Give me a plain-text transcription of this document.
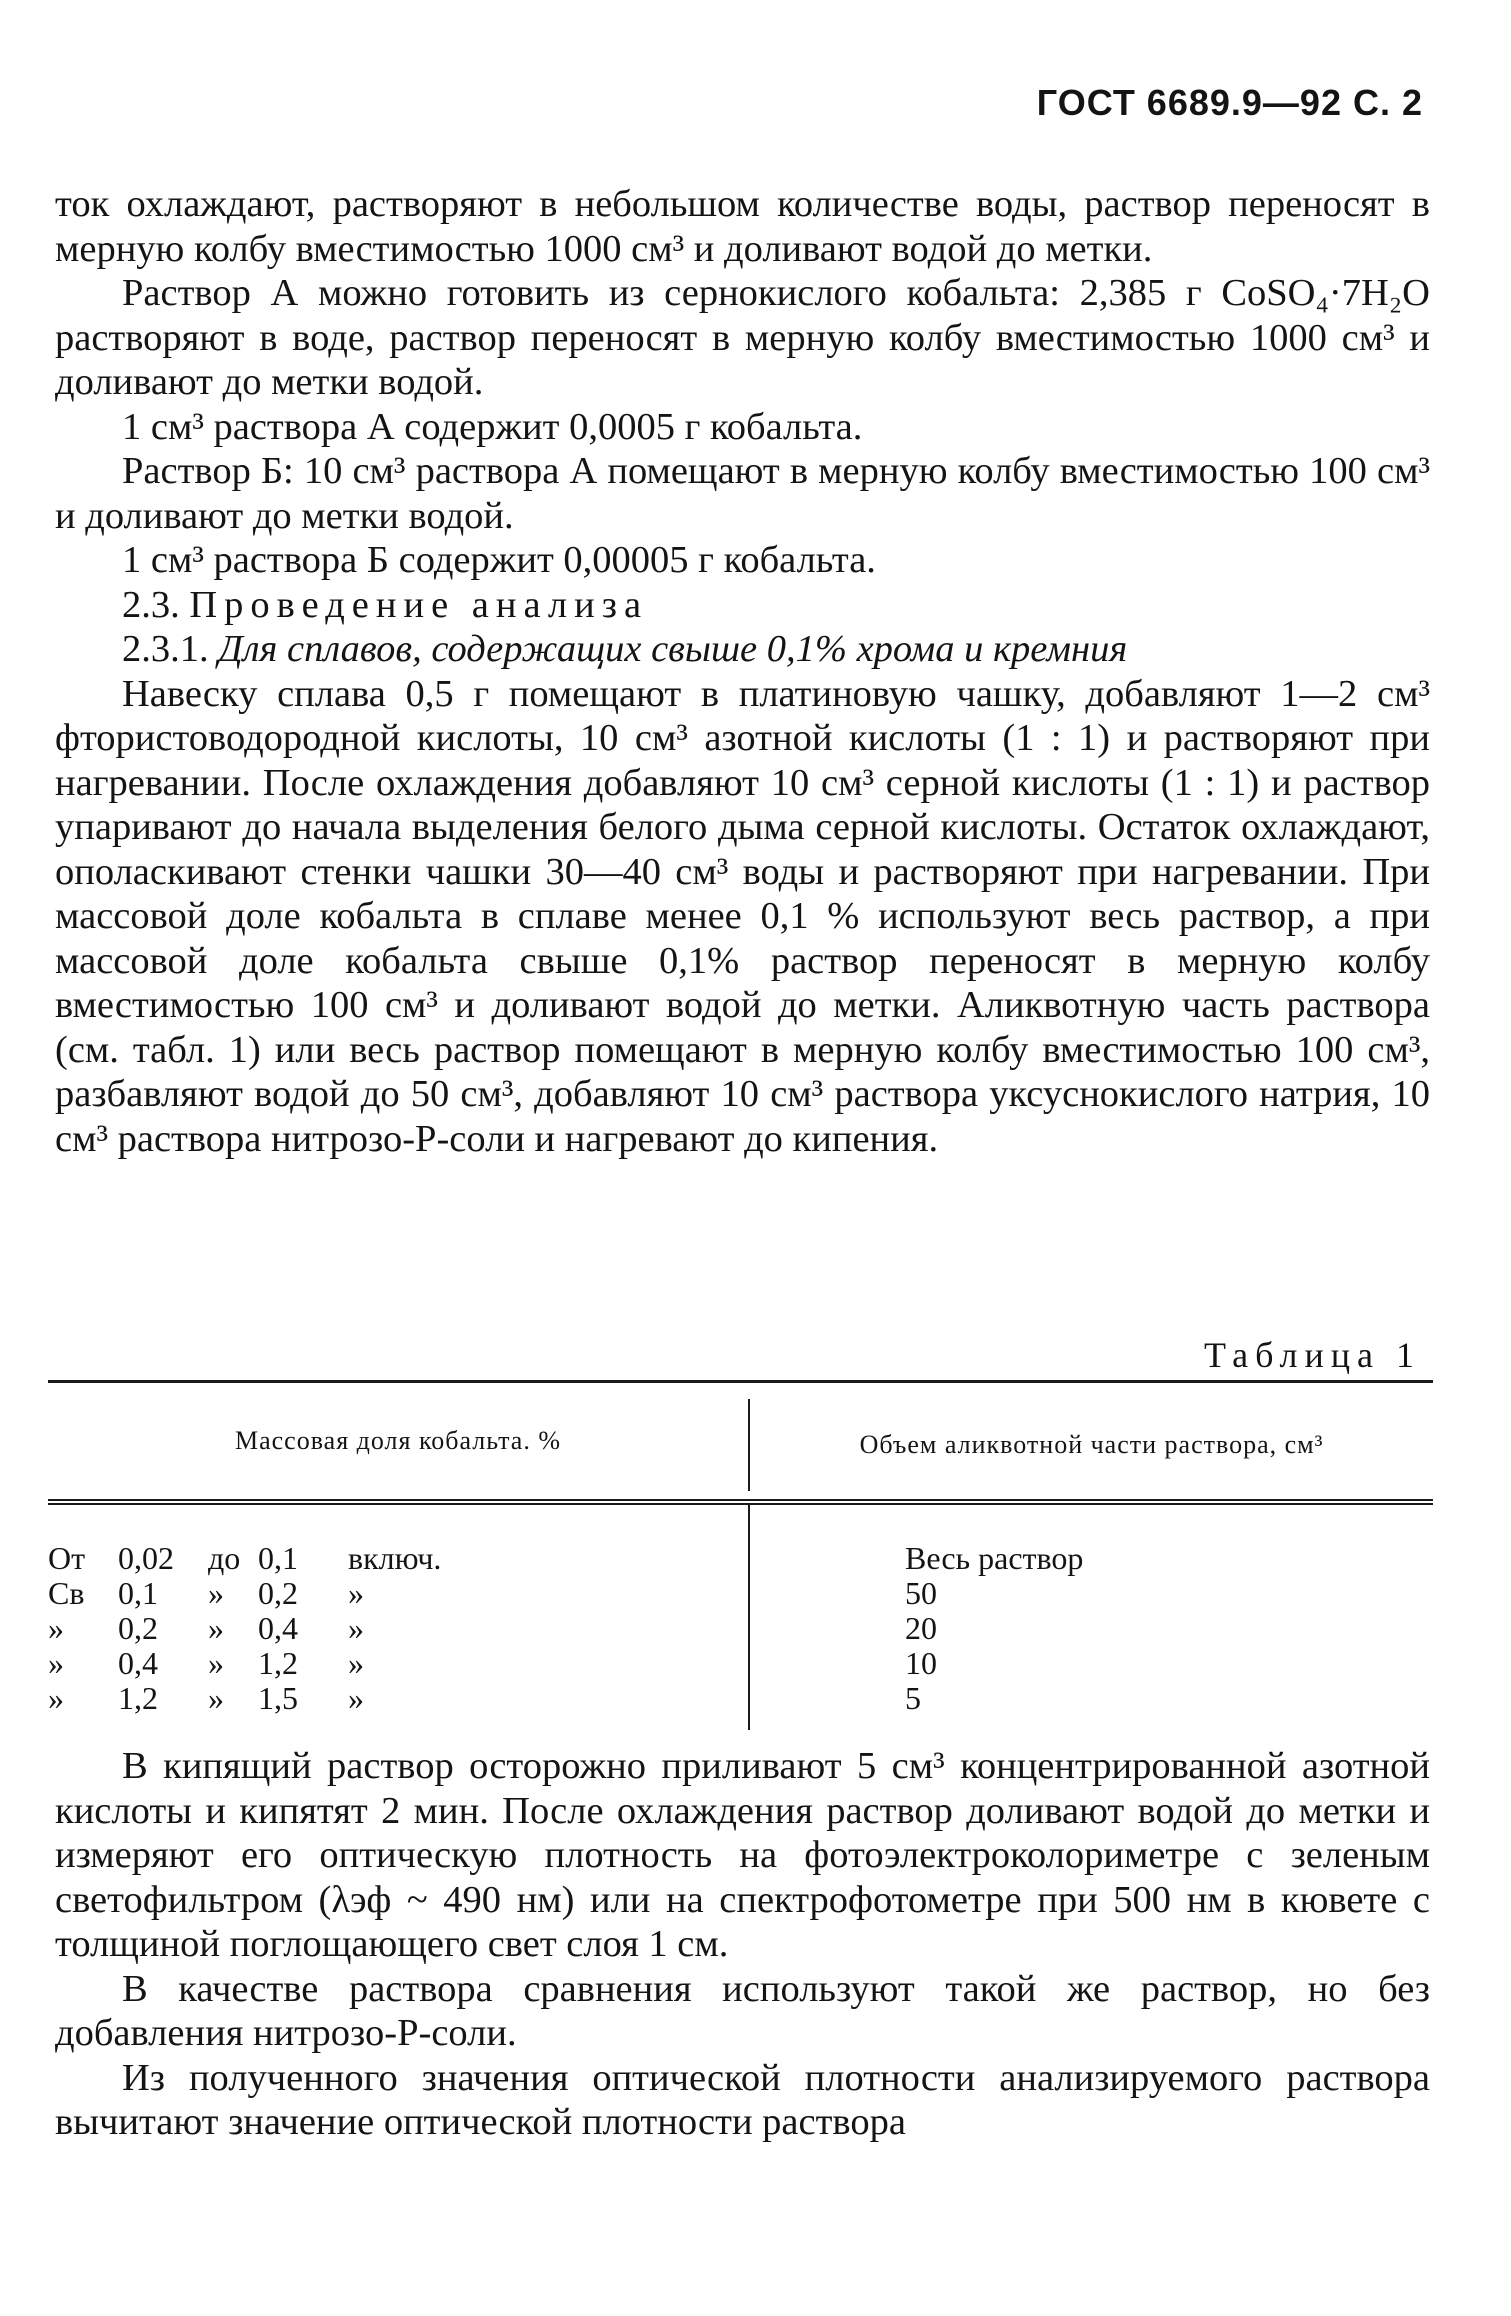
ГОСТ 6689.9—92 С. 2

ток охлаждают, растворяют в небольшом количестве воды, раствор переносят в мерную колбу вместимостью 1000 см³ и доливают водой до метки.

Раствор А можно готовить из сернокислого кобальта: 2,385 г CoSO₄·7H₂O растворяют в воде, раствор переносят в мерную колбу вместимостью 1000 см³ и доливают до метки водой.

1 см³ раствора А содержит 0,0005 г кобальта.

Раствор Б: 10 см³ раствора А помещают в мерную колбу вместимостью 100 см³ и доливают до метки водой.

1 см³ раствора Б содержит 0,00005 г кобальта.

2.3. Проведение анализа

2.3.1. Для сплавов, содержащих свыше 0,1% хрома и кремния

Навеску сплава 0,5 г помещают в платиновую чашку, добавляют 1—2 см³ фтористоводородной кислоты, 10 см³ азотной кислоты (1 : 1) и растворяют при нагревании. После охлаждения добавляют 10 см³ серной кислоты (1 : 1) и раствор упаривают до начала выделения белого дыма серной кислоты. Остаток охлаждают, ополаскивают стенки чашки 30—40 см³ воды и растворяют при нагревании. При массовой доле кобальта в сплаве менее 0,1 % используют весь раствор, а при массовой доле кобальта свыше 0,1% раствор переносят в мерную колбу вместимостью 100 см³ и доливают водой до метки. Аликвотную часть раствора (см. табл. 1) или весь раствор помещают в мерную колбу вместимостью 100 см³, разбавляют водой до 50 см³, добавляют 10 см³ раствора уксуснокислого натрия, 10 см³ раствора нитрозо-Р-соли и нагревают до кипения.

Таблица 1
Массовая доля кобальта. %	Объем аликвотной части раствора, см³
От 0,02 до 0,1 включ.
Св 0,1 » 0,2 »
» 0,2 » 0,4 »
» 0,4 » 1,2 »
» 1,2 » 1,5 »
Весь раствор
50
20
10
5

В кипящий раствор осторожно приливают 5 см³ концентрированной азотной кислоты и кипятят 2 мин. После охлаждения раствор доливают водой до метки и измеряют его оптическую плотность на фотоэлектроколориметре с зеленым светофильтром (λэф ~ 490 нм) или на спектрофотометре при 500 нм в кювете с толщиной поглощающего свет слоя 1 см.

В качестве раствора сравнения используют такой же раствор, но без добавления нитрозо-Р-соли.

Из полученного значения оптической плотности анализируемого раствора вычитают значение оптической плотности раствора
